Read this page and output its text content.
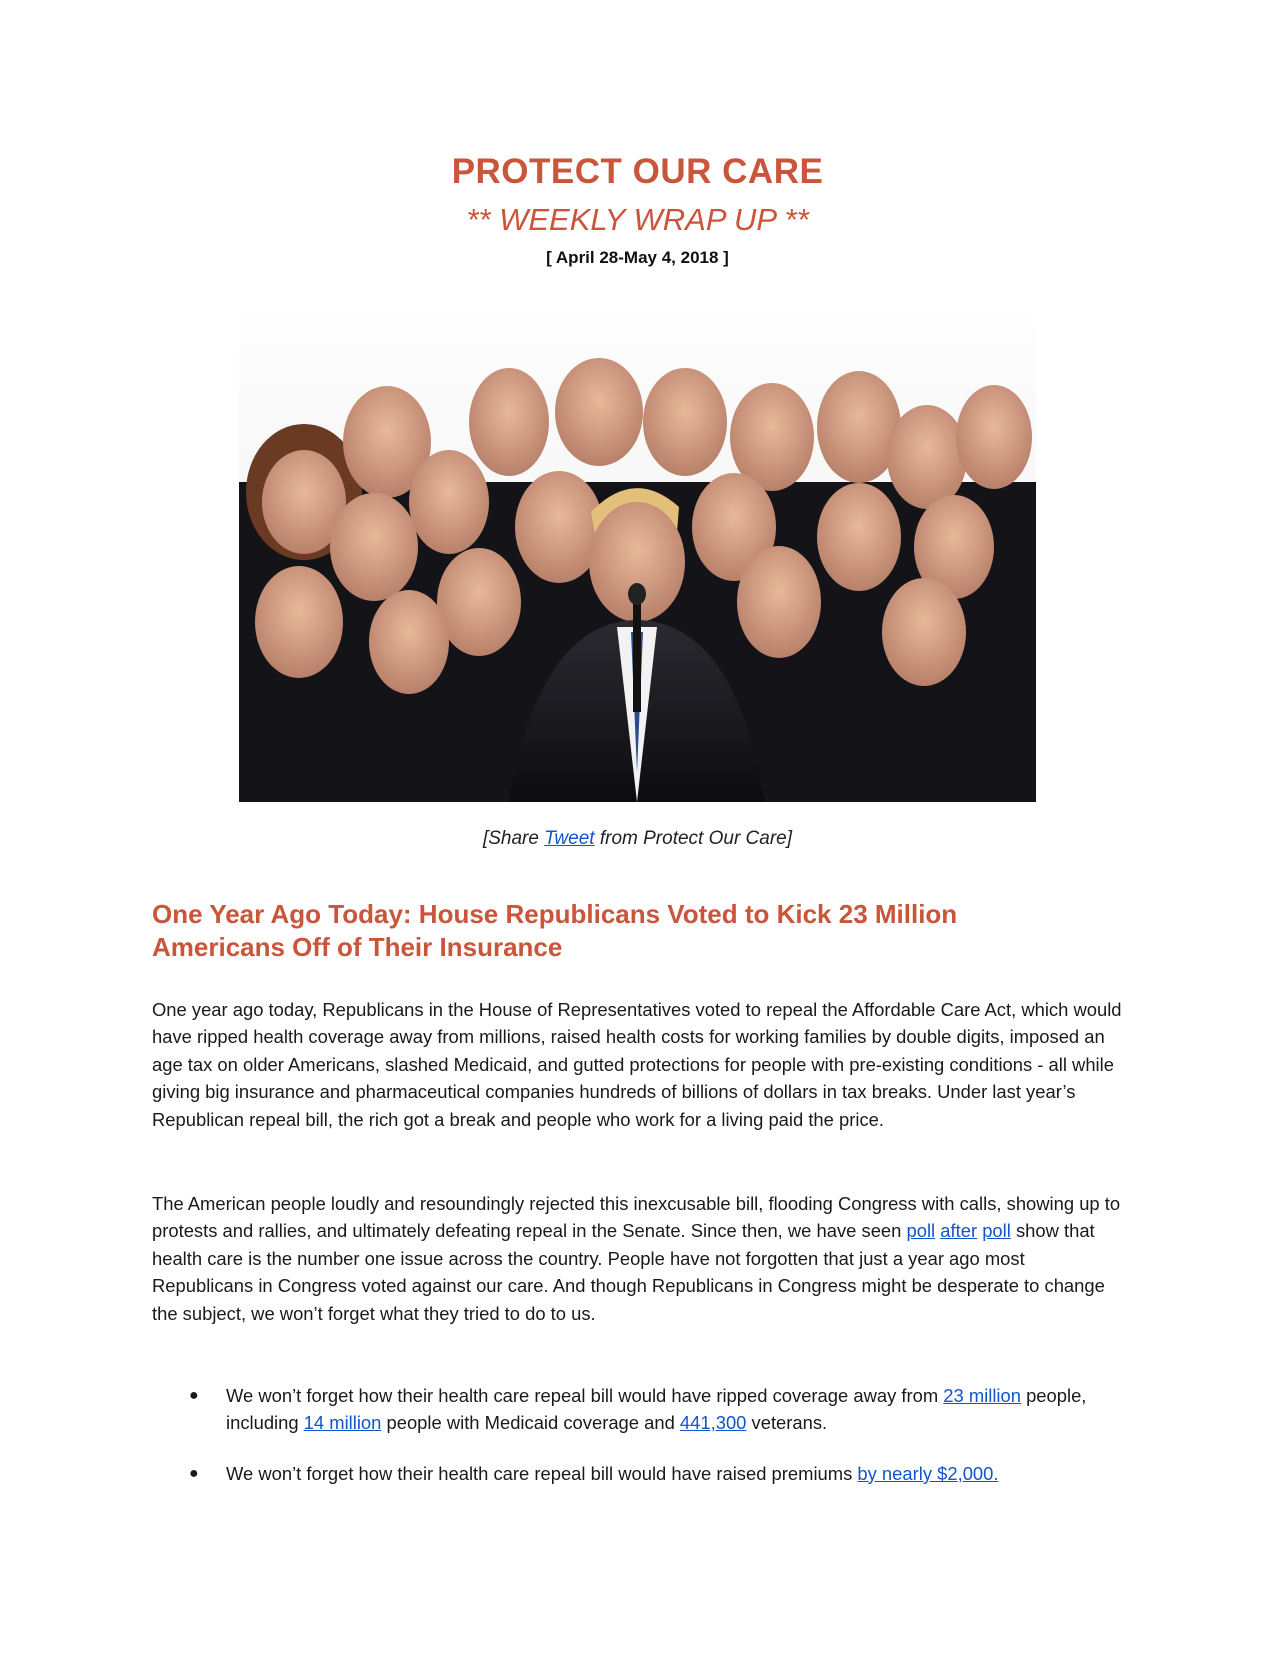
PROTECT OUR CARE

** WEEKLY WRAP UP **

[ April 28-May 4, 2018 ]

[Share Tweet from Protect Our Care]

One Year Ago Today: House Republicans Voted to Kick 23 Million
Americans Off of Their Insurance

One year ago today, Republicans in the House of Representatives voted to repeal the Affordable Care Act, which would have ripped health coverage away from millions, raised health costs for working families by double digits, imposed an age tax on older Americans, slashed Medicaid, and gutted protections for people with pre-existing conditions - all while giving big insurance and pharmaceutical companies hundreds of billions of dollars in tax breaks. Under last year’s Republican repeal bill, the rich got a break and people who work for a living paid the price.

The American people loudly and resoundingly rejected this inexcusable bill, flooding Congress with calls, showing up to protests and rallies, and ultimately defeating repeal in the Senate. Since then, we have seen poll after poll show that health care is the number one issue across the country. People have not forgotten that just a year ago most Republicans in Congress voted against our care. And though Republicans in Congress might be desperate to change the subject, we won’t forget what they tried to do to us.

● We won’t forget how their health care repeal bill would have ripped coverage away from 23 million people, including 14 million people with Medicaid coverage and 441,300 veterans.
● We won’t forget how their health care repeal bill would have raised premiums by nearly $2,000.
